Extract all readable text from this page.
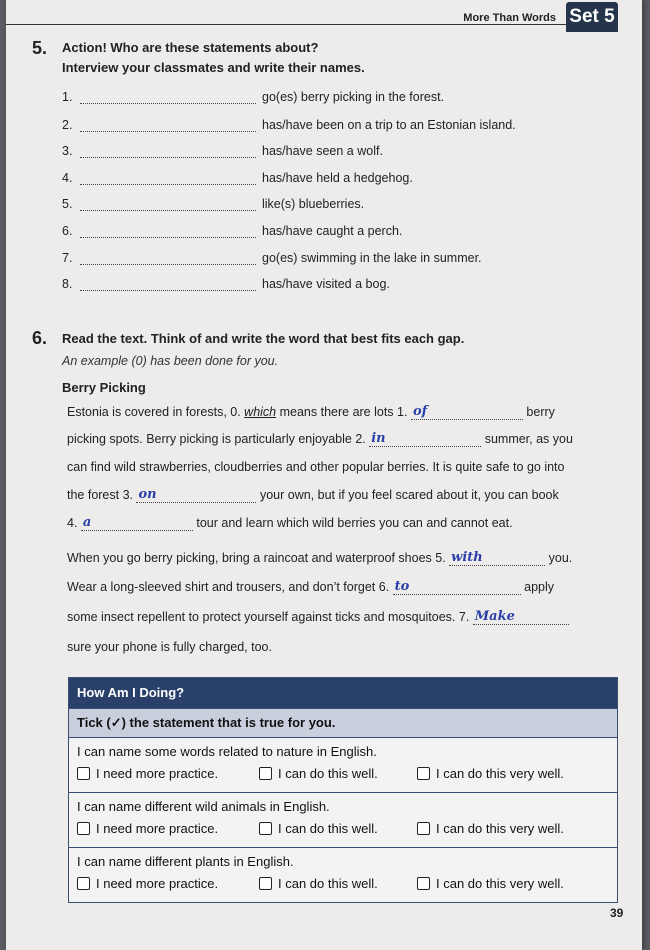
More Than Words Set 5
5. Action! Who are these statements about?
Interview your classmates and write their names.
1.	go(es) berry picking in the forest.
2.	has/have been on a trip to an Estonian island.
3.	has/have seen a wolf.
4.	has/have held a hedgehog.
5.	like(s) blueberries.
6.	has/have caught a perch.
7.	go(es) swimming in the lake in summer.
8.	has/have visited a bog.
6. Read the text. Think of and write the word that best fits each gap.
An example (0) has been done for you.
Berry Picking
Estonia is covered in forests, 0. which means there are lots 1. of	berry
picking spots. Berry picking is particularly enjoyable 2. in	summer, as you
can find wild strawberries, cloudberries and other popular berries. It is quite safe to go into
the forest 3. on	your own, but if you feel scared about it, you can book
4. a	tour and learn which wild berries you can and cannot eat.
When you go berry picking, bring a raincoat and waterproof shoes 5. with	you.
Wear a long-sleeved shirt and trousers, and don’t forget 6. to	apply
some insect repellent to protect yourself against ticks and mosquitoes. 7. Make

sure your phone is fully charged, too.
How Am I Doing?
Tick (✓) the statement that is true for you.
I can name some words related to nature in English.
I need more practice.	I can do this well.	I can do this very well.
I can name different wild animals in English.
I need more practice.	I can do this well.	I can do this very well.
I can name different plants in English.
I need more practice.	I can do this well.	I can do this very well.
39
